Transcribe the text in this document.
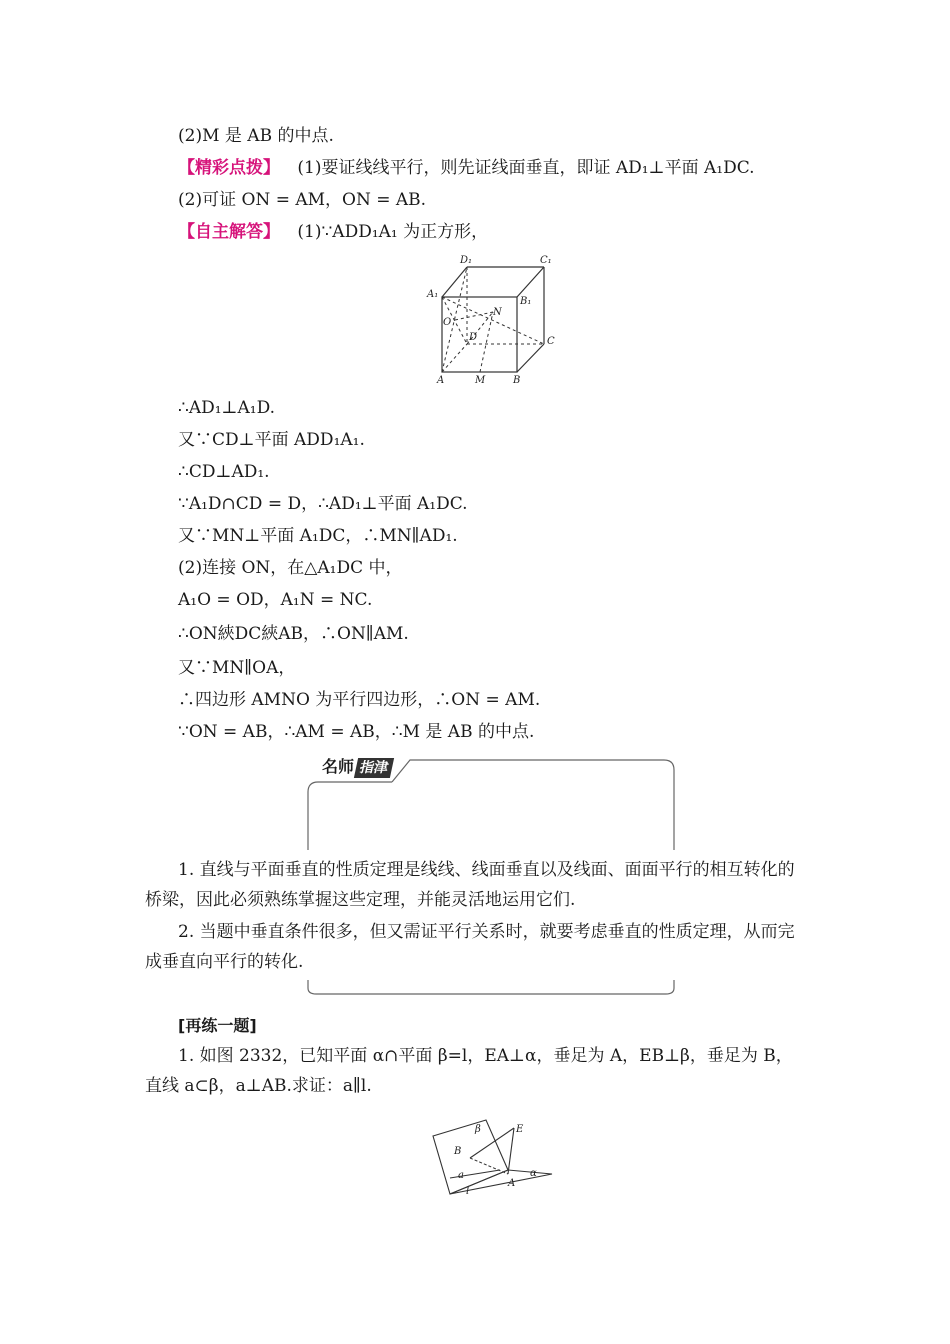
(2)M 是 AB 的中点.
【精彩点拨】 (1)要证线线平行，则先证线面垂直，即证 AD₁⊥平面 A₁DC.
(2)可证 ON = AM，ON = AB.
【自主解答】 (1)∵ADD₁A₁ 为正方形，
D₁	C₁
A₁
B₁
O
N
D	C
A	M	B
∴AD₁⊥A₁D.
又∵CD⊥平面 ADD₁A₁.
∴CD⊥AD₁.
∵A₁D∩CD = D，∴AD₁⊥平面 A₁DC.
又∵MN⊥平面 A₁DC，∴MN∥AD₁.
(2)连接 ON，在△A₁DC 中，
A₁O = OD，A₁N = NC.
∴ON綊DC綊AB，∴ON∥AM.
又∵MN∥OA，
∴四边形 AMNO 为平行四边形，∴ON = AM.
∵ON = AB，∴AM = AB，∴M 是 AB 的中点.
名师 指津
1. 直线与平面垂直的性质定理是线线、线面垂直以及线面、面面平行的相互转化的桥梁，因此必须熟练掌握这些定理，并能灵活地运用它们.
2. 当题中垂直条件很多，但又需证平行关系时，就要考虑垂直的性质定理，从而完成垂直向平行的转化.
[再练一题]
1. 如图 2332，已知平面 α∩平面 β=l，EA⊥α，垂足为 A，EB⊥β，垂足为 B，直线 a⊂β，a⊥AB.求证：a∥l.
β	E
B
α
a
A
l
